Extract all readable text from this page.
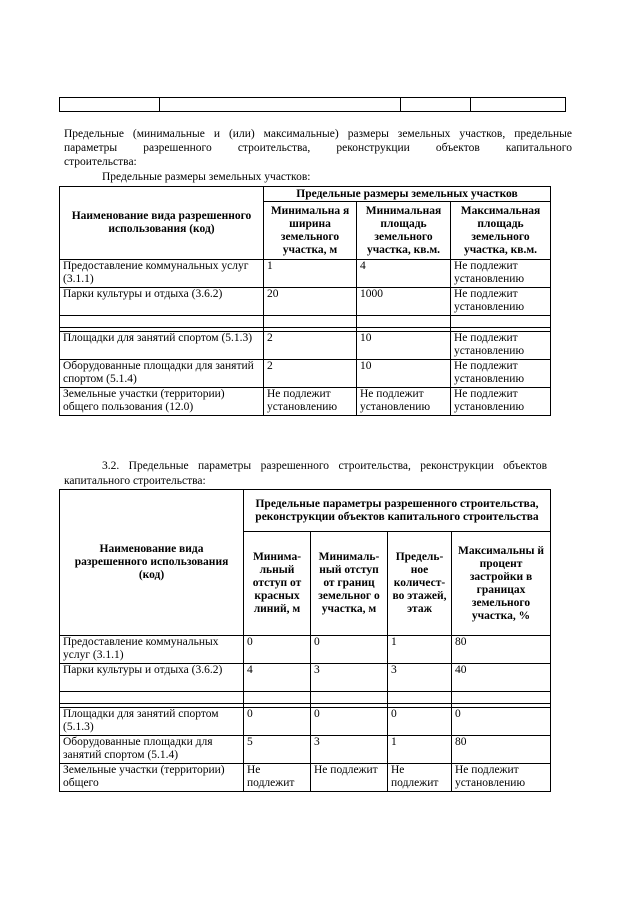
Предельные (минимальные и (или) максимальные) размеры земельных участков, предельные
параметры разрешенного строительства, реконструкции объектов капитального
строительства:
Предельные размеры земельных участков:
Наименование вида разрешенного использования (код)	Предельные размеры земельных участков		
	Минимальна я ширина земельного участка, м	Минимальная площадь земельного участка, кв.м.	Максимальная площадь земельного участка, кв.м.
Предоставление коммунальных услуг (3.1.1)	1	4	Не подлежит установлению
Парки культуры и отдыха (3.6.2)	20	1000	Не подлежит установлению

Площадки для занятий спортом (5.1.3)	2	10	Не подлежит установлению
Оборудованные площадки для занятий спортом (5.1.4)	2	10	Не подлежит установлению
Земельные участки (территории) общего пользования (12.0)	Не подлежит установлению	Не подлежит установлению	Не подлежит установлению
3.2. Предельные параметры разрешенного строительства, реконструкции объектов
капитального строительства:
Наименование вида разрешенного использования (код)	Предельные параметры разрешенного строительства, реконструкции объектов капитального строительства			
	Минима-льный отступ от красных линий, м	Минималь-ный отступ от границ земельног о участка, м	Предель-ное количест-во этажей, этаж	Максимальны й процент застройки в границах земельного участка, %
Предоставление коммунальных услуг (3.1.1)	0	0	1	80
Парки культуры и отдыха (3.6.2)	4	3	3	40

Площадки для занятий спортом (5.1.3)	0	0	0	0
Оборудованные площадки для занятий спортом (5.1.4)	5	3	1	80
Земельные участки (территории) общего	Не подлежит	Не подлежит	Не подлежит	Не подлежит установлению
